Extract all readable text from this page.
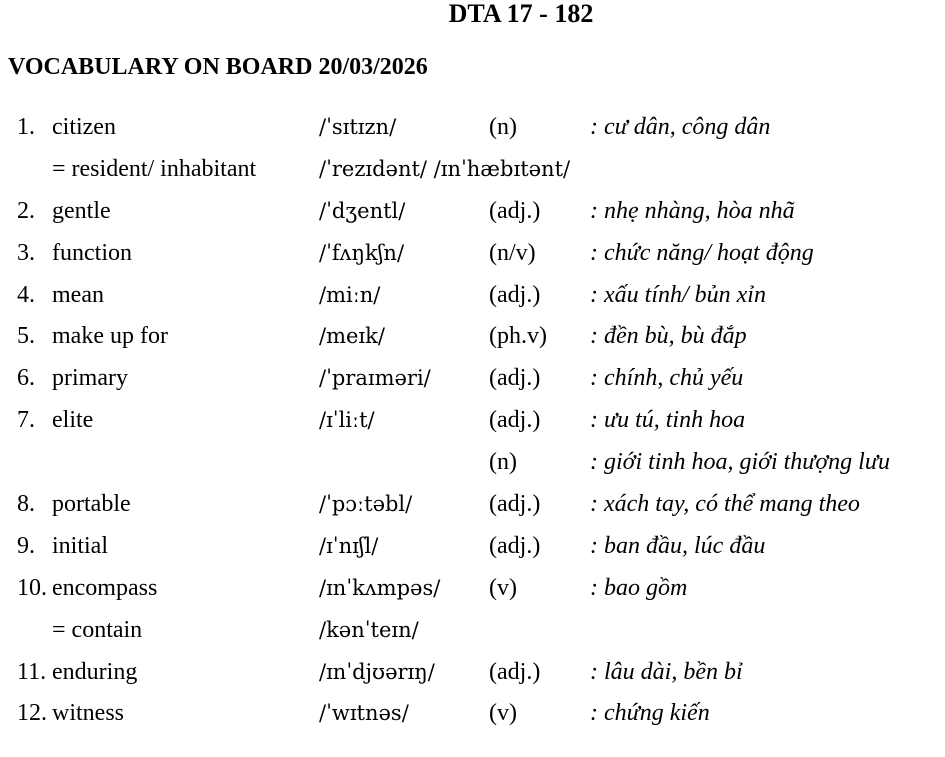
DTA 17 - 182
VOCABULARY ON BOARD 20/03/2026
1. citizen	/ˈsɪtɪzn/	(n)	: cư dân, công dân
= resident/ inhabitant	/ˈrezɪdənt/ /ɪnˈhæbɪtənt/
2. gentle	/ˈdʒentl/	(adj.) : nhẹ nhàng, hòa nhã
3. function	/ˈfʌŋkʃn/	(n/v) : chức năng/ hoạt động
4. mean	/miːn/	(adj.) : xấu tính/ bủn xỉn
5. make up for	/meɪk/	(ph.v) : đền bù, bù đắp
6. primary	/ˈpraɪməri/ (adj.) : chính, chủ yếu
7. elite	/ɪˈliːt/	(adj.) : ưu tú, tinh hoa
(n)	: giới tinh hoa, giới thượng lưu
8. portable	/ˈpɔːtəbl/	(adj.) : xách tay, có thể mang theo
9. initial	/ɪˈnɪʃl/	(adj.) : ban đầu, lúc đầu
10. encompass	/ɪnˈkʌmpəs/ (v)	: bao gồm
= contain	/kənˈteɪn/
11. enduring	/ɪnˈdjʊərɪŋ/ (adj.) : lâu dài, bền bỉ
12. witness	/ˈwɪtnəs/	(v)	: chứng kiến
